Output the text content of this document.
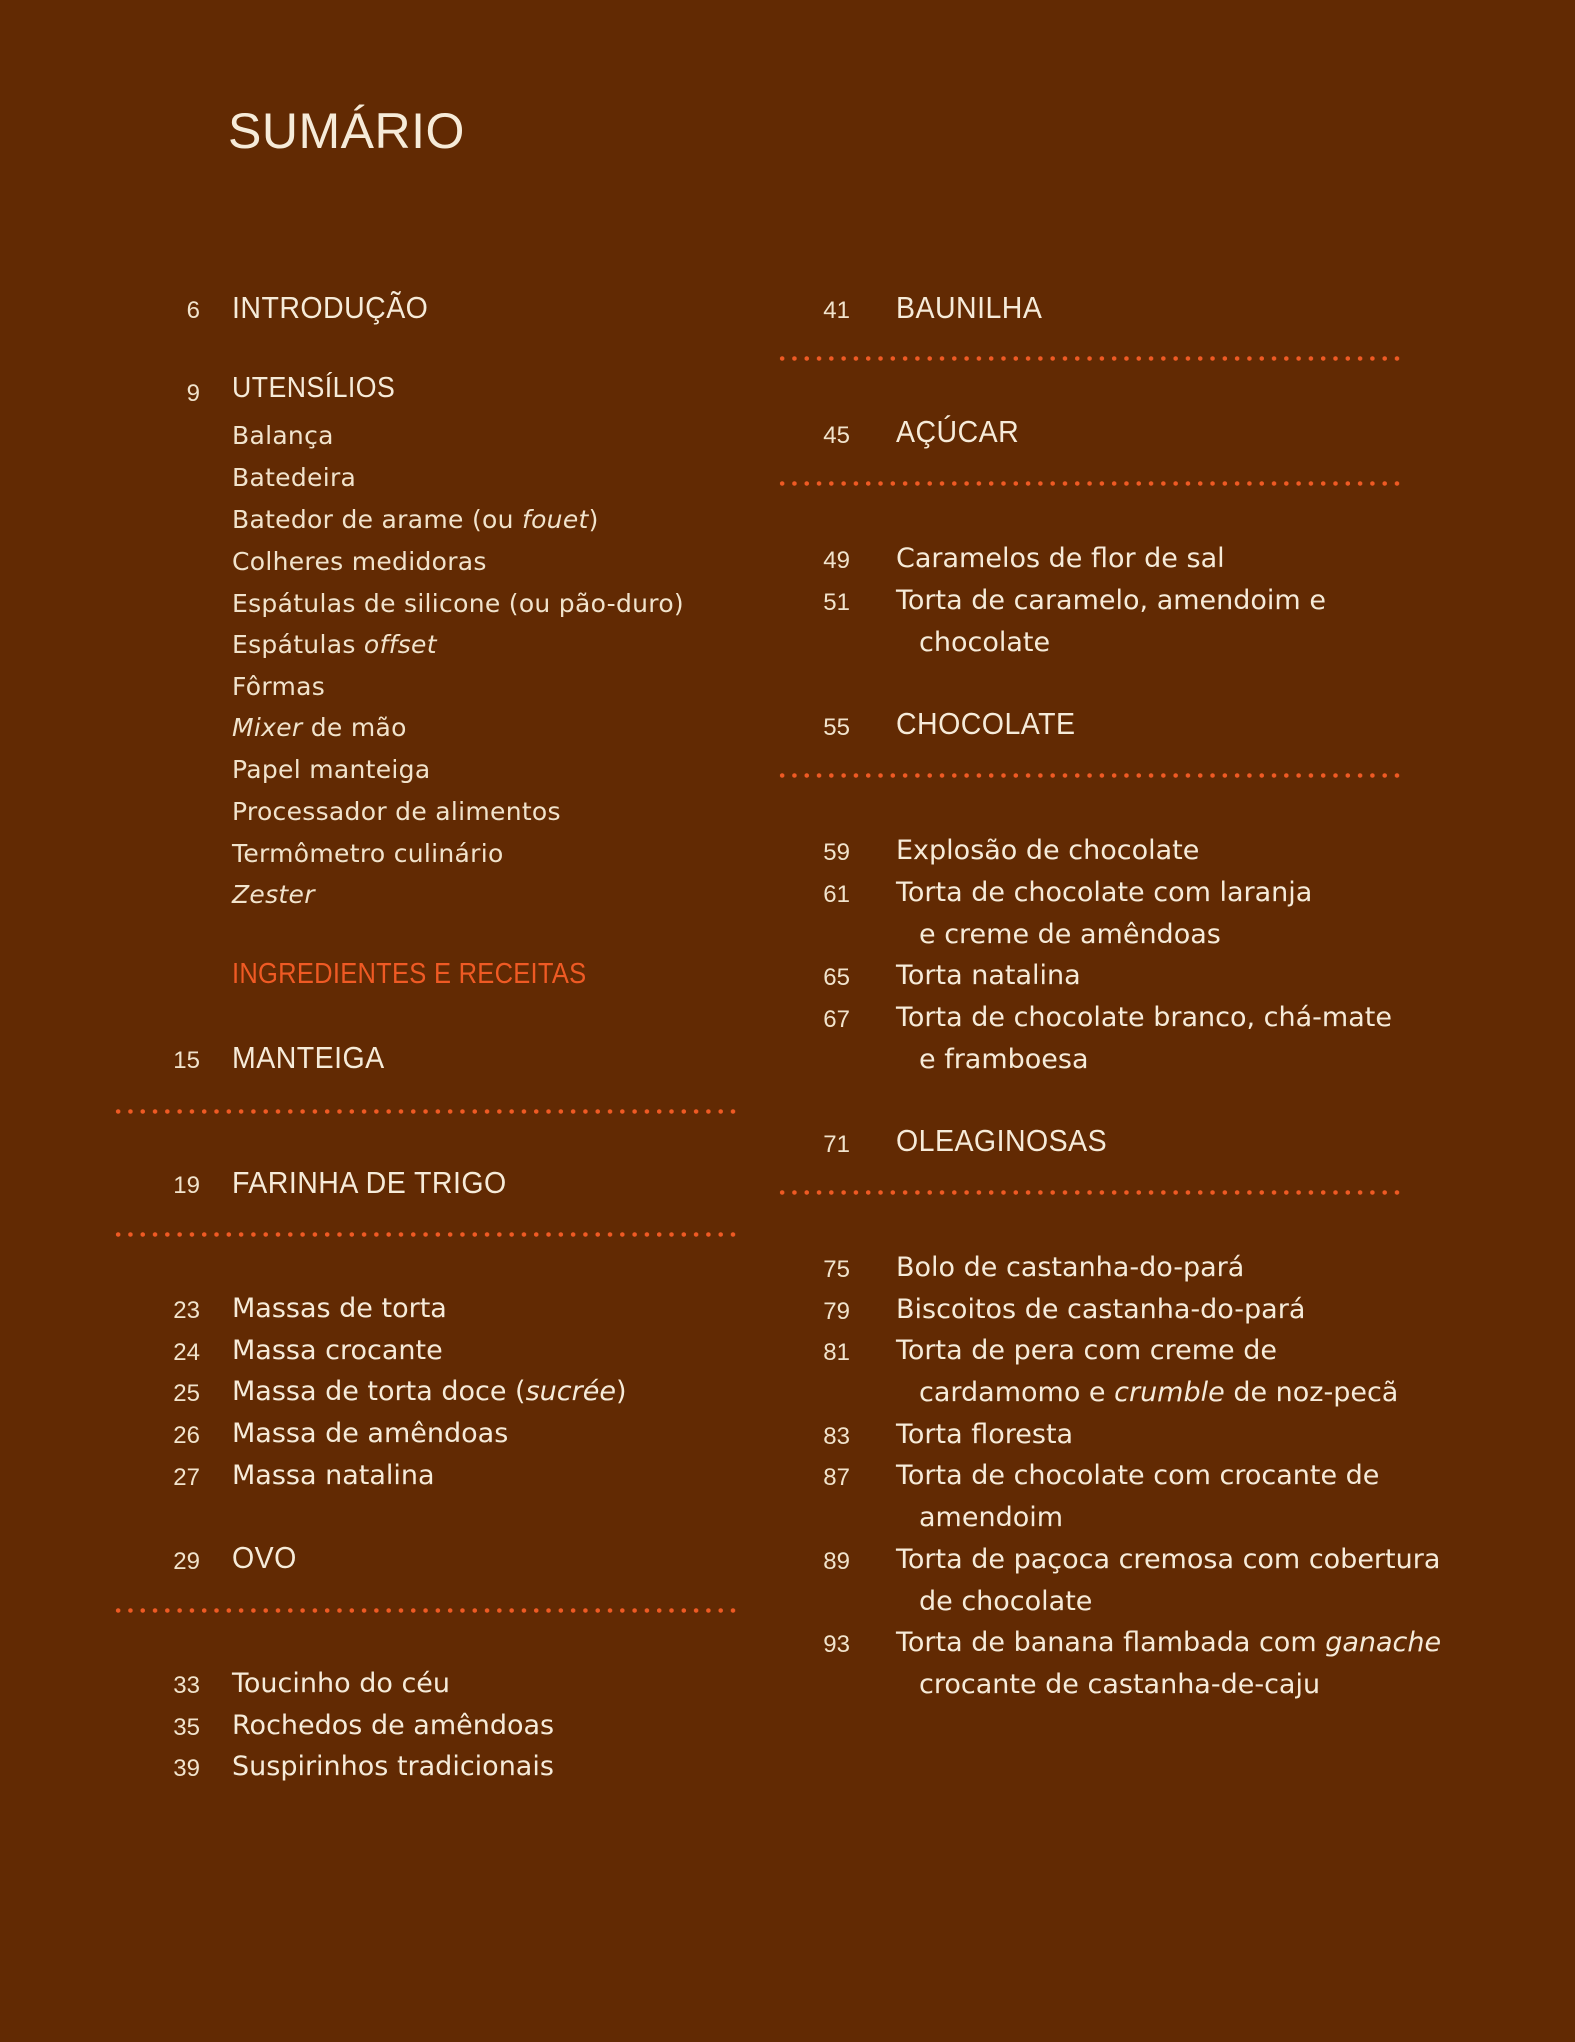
SUMÁRIO
6 INTRODUÇÃO
9 UTENSÍLIOS
Balança
Batedeira
Batedor de arame (ou fouet)
Colheres medidoras
Espátulas de silicone (ou pão-duro)
Espátulas offset
Fôrmas
Mixer de mão
Papel manteiga
Processador de alimentos
Termômetro culinário
Zester
INGREDIENTES E RECEITAS
15 MANTEIGA
19 FARINHA DE TRIGO
23 Massas de torta
24 Massa crocante
25 Massa de torta doce (sucrée)
26 Massa de amêndoas
27 Massa natalina
29 OVO
33 Toucinho do céu
35 Rochedos de amêndoas
39 Suspirinhos tradicionais
41 BAUNILHA
45 AÇÚCAR
49 Caramelos de flor de sal
51 Torta de caramelo, amendoim e
chocolate
55 CHOCOLATE
59 Explosão de chocolate
61 Torta de chocolate com laranja
e creme de amêndoas
65 Torta natalina
67 Torta de chocolate branco, chá-mate
e framboesa
71 OLEAGINOSAS
75 Bolo de castanha-do-pará
79 Biscoitos de castanha-do-pará
81 Torta de pera com creme de
cardamomo e crumble de noz-pecã
83 Torta floresta
87 Torta de chocolate com crocante de
amendoim
89 Torta de paçoca cremosa com cobertura
de chocolate
93 Torta de banana flambada com ganache
crocante de castanha-de-caju
